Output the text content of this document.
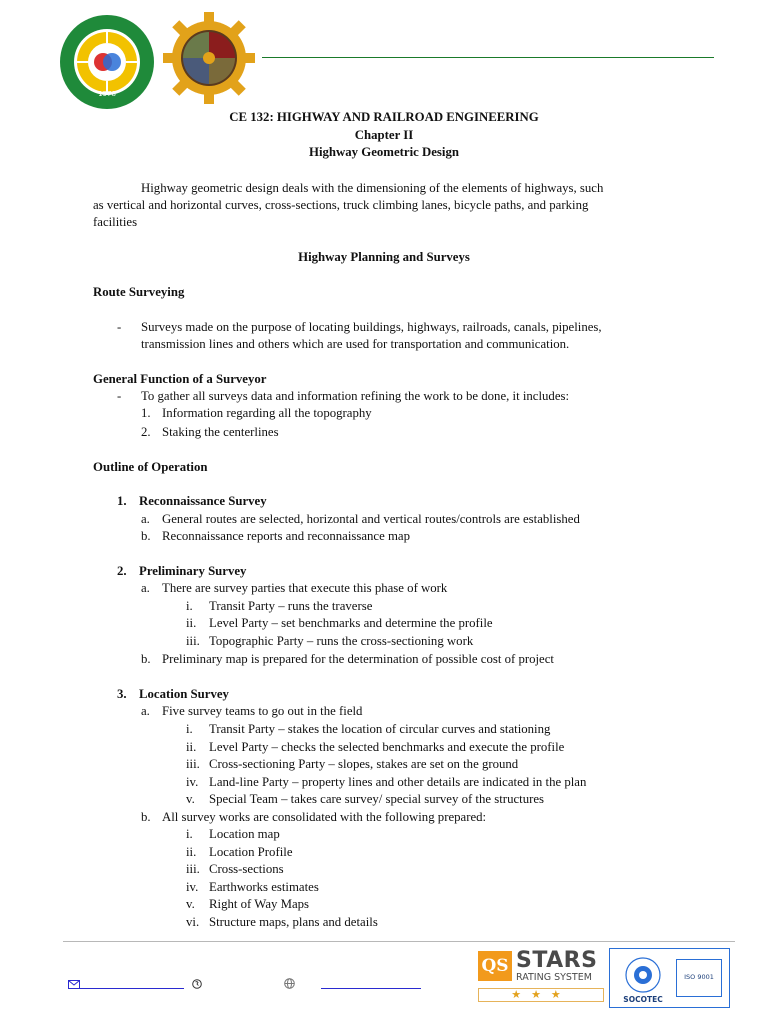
1978
CE 132: HIGHWAY AND RAILROAD ENGINEERING
Chapter II
Highway Geometric Design
Highway geometric design deals with the dimensioning of the elements of highways, such
as vertical and horizontal curves, cross-sections, truck climbing lanes, bicycle paths, and parking
facilities
Highway Planning and Surveys
Route Surveying
- Surveys made on the purpose of locating buildings, highways, railroads, canals, pipelines,
transmission lines and others which are used for transportation and communication.
General Function of a Surveyor
- To gather all surveys data and information refining the work to be done, it includes:
1. Information regarding all the topography
2. Staking the centerlines
Outline of Operation
1. Reconnaissance Survey
a. General routes are selected, horizontal and vertical routes/controls are established
b. Reconnaissance reports and reconnaissance map
2. Preliminary Survey
a. There are survey parties that execute this phase of work
i. Transit Party – runs the traverse
ii. Level Party – set benchmarks and determine the profile
iii. Topographic Party – runs the cross-sectioning work
b. Preliminary map is prepared for the determination of possible cost of project
3. Location Survey
a. Five survey teams to go out in the field
i. Transit Party – stakes the location of circular curves and stationing
ii. Level Party – checks the selected benchmarks and execute the profile
iii. Cross-sectioning Party – slopes, stakes are set on the ground
iv. Land-line Party – property lines and other details are indicated in the plan
v. Special Team – takes care survey/ special survey of the structures
b. All survey works are consolidated with the following prepared:
i. Location map
ii. Location Profile
iii. Cross-sections
iv. Earthworks estimates
v. Right of Way Maps
vi. Structure maps, plans and details
QS STARS
RATING SYSTEM
★★★	SOCOTEC
ISO 9001
